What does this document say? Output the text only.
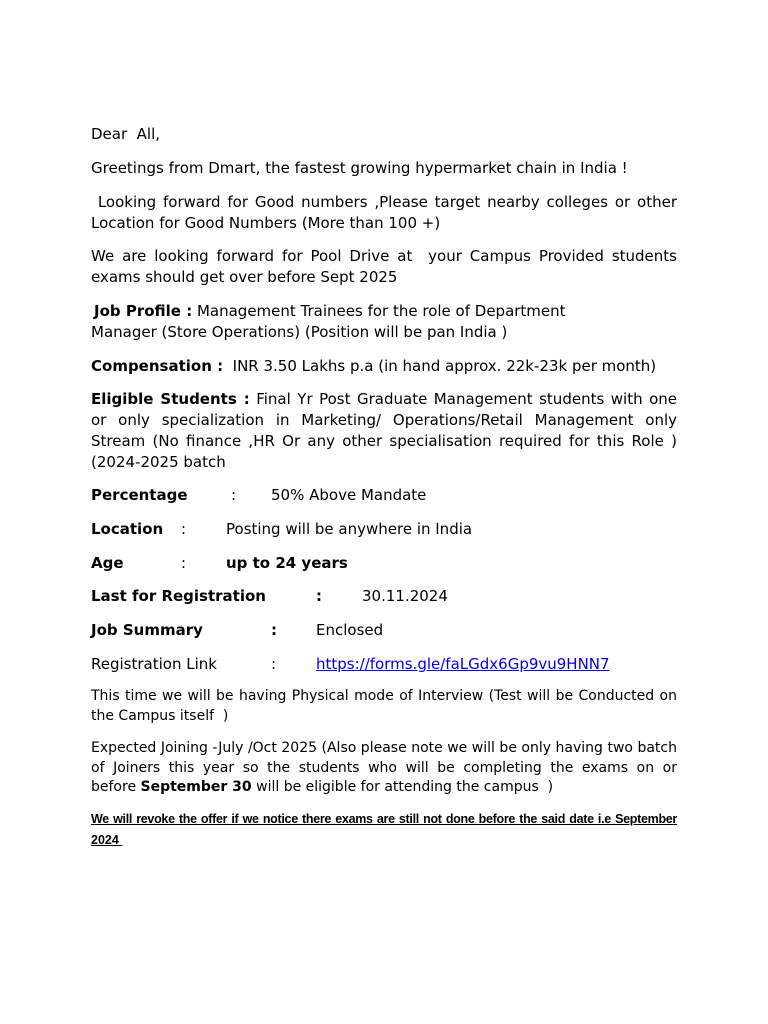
Dear  All,

Greetings from Dmart, the fastest growing hypermarket chain in India !

Looking forward for Good numbers ,Please target nearby colleges or other

Location for Good Numbers (More than 100 +)

We are looking forward for Pool Drive at  your Campus Provided students

exams should get over before Sept 2025

Job Profile : Management Trainees for the role of Department

Manager (Store Operations) (Position will be pan India )

Compensation :  INR 3.50 Lakhs p.a (in hand approx. 22k-23k per month)

Eligible Students : Final Yr Post Graduate Management students with one

or only specialization in Marketing/ Operations/Retail Management only

Stream (No finance ,HR Or any other specialisation required for this Role )

(2024-2025 batch

Percentage	: 50% Above Mandate
Location :	Posting will be anywhere in India
Age	:	up to 24 years
Last for Registration	:	30.11.2024
Job Summary	:	Enclosed
Registration Link	:	https://forms.gle/faLGdx6Gp9vu9HNN7

This time we will be having Physical mode of Interview (Test will be Conducted on

the Campus itself  )

Expected Joining -July /Oct 2025 (Also please note we will be only having two batch

of Joiners this year so the students who will be completing the exams on or

before September 30 will be eligible for attending the campus  )

We will revoke the offer if we notice there exams are still not done before the said date i.e September

2024
